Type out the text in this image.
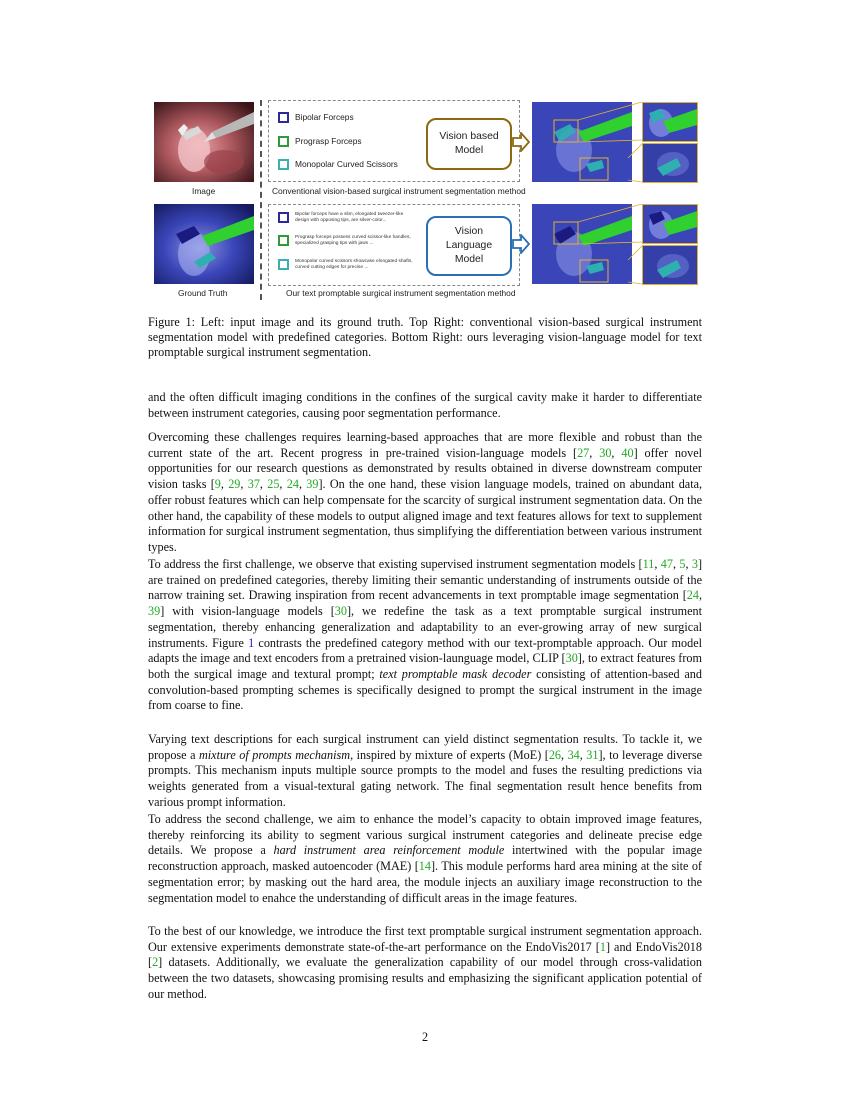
Image
Ground Truth
Bipolar Forceps
Prograsp Forceps
Monopolar Curved Scissors
Vision based
Model
Conventional vision-based surgical instrument segmentation method
Bipolar forceps have a slim, elongated tweezer-like design with opposing tips, are silver-color...
Prograsp forceps possess curved scissor-like handles, specialized grasping tips with jaws ...
Monopolar curved scissors showcase elongated shafts, curved cutting edges for precise ...
Vision
Language
Model
Our text promptable surgical instrument segmentation method
Figure 1: Left: input image and its ground truth. Top Right: conventional vision-based surgical instrument segmentation model with predefined categories. Bottom Right: ours leveraging vision-language model for text promptable surgical instrument segmentation.

and the often difficult imaging conditions in the confines of the surgical cavity make it harder to differentiate between instrument categories, causing poor segmentation performance.

Overcoming these challenges requires learning-based approaches that are more flexible and robust than the current state of the art. Recent progress in pre-trained vision-language models [27, 30, 40] offer novel opportunities for our research questions as demonstrated by results obtained in diverse downstream computer vision tasks [9, 29, 37, 25, 24, 39]. On the one hand, these vision language models, trained on abundant data, offer robust features which can help compensate for the scarcity of surgical instrument segmentation data. On the other hand, the capability of these models to output aligned image and text features allows for text to supplement information for surgical instrument segmentation, thus simplifying the differentiation between various instrument types.

To address the first challenge, we observe that existing supervised instrument segmentation models [11, 47, 5, 3] are trained on predefined categories, thereby limiting their semantic understanding of instruments outside of the narrow training set. Drawing inspiration from recent advancements in text promptable image segmentation [24, 39] with vision-language models [30], we redefine the task as a text promptable surgical instrument segmentation, thereby enhancing generalization and adaptability to an ever-growing array of new surgical instruments. Figure 1 contrasts the predefined category method with our text-promptable approach. Our model adapts the image and text encoders from a pretrained vision-launguage model, CLIP [30], to extract features from both the surgical image and textural prompt; text promptable mask decoder consisting of attention-based and convolution-based prompting schemes is specifically designed to prompt the surgical instrument in the image from coarse to fine.

Varying text descriptions for each surgical instrument can yield distinct segmentation results. To tackle it, we propose a mixture of prompts mechanism, inspired by mixture of experts (MoE) [26, 34, 31], to leverage diverse prompts. This mechanism inputs multiple source prompts to the model and fuses the resulting predictions via weights generated from a visual-textural gating network. The final segmentation result hence benefits from various prompt information.

To address the second challenge, we aim to enhance the model’s capacity to obtain improved image features, thereby reinforcing its ability to segment various surgical instrument categories and delineate precise edge details. We propose a hard instrument area reinforcement module intertwined with the popular image reconstruction approach, masked autoencoder (MAE) [14]. This module performs hard area mining at the site of segmentation error; by masking out the hard area, the module injects an auxiliary image reconstruction to the segmentation model to enahce the understanding of difficult areas in the image features.

To the best of our knowledge, we introduce the first text promptable surgical instrument segmentation approach. Our extensive experiments demonstrate state-of-the-art performance on the EndoVis2017 [1] and EndoVis2018 [2] datasets. Additionally, we evaluate the generalization capability of our model through cross-validation between the two datasets, showcasing promising results and emphasizing the significant application potential of our method.

2
